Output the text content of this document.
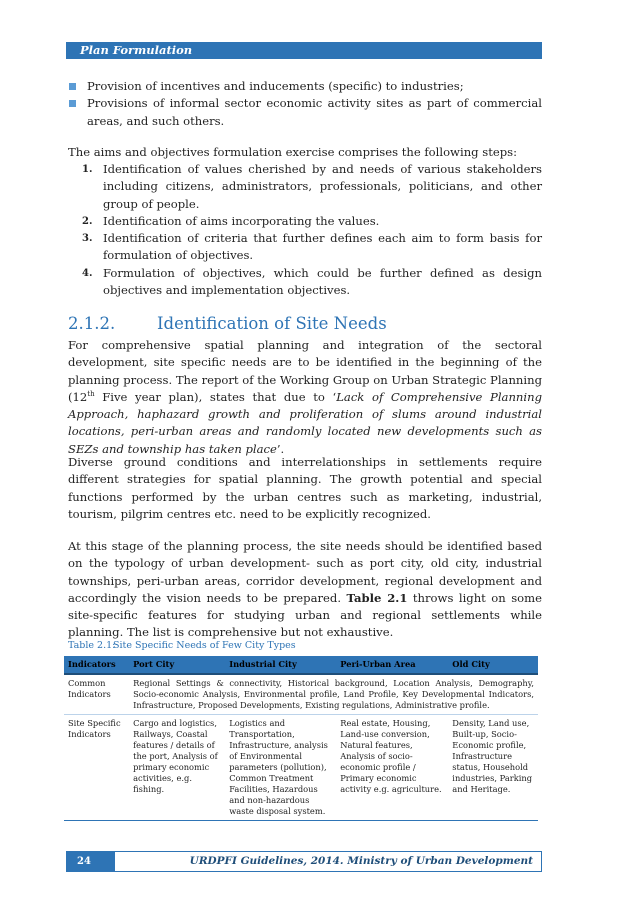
Plan Formulation
Provision of incentives and inducements (specific) to industries;
Provisions of informal sector economic activity sites as part of commercial areas, and such others.
The aims and objectives formulation exercise comprises the following steps:
1. Identification of values cherished by and needs of various stakeholders including citizens, administrators, professionals, politicians, and other group of people.
2. Identification of aims incorporating the values.
3. Identification of criteria that further defines each aim to form basis for formulation of objectives.
4. Formulation of objectives, which could be further defined as design objectives and implementation objectives.
2.1.2.	Identification of Site Needs
For comprehensive spatial planning and integration of the sectoral development, site specific needs are to be identified in the beginning of the planning process. The report of the Working Group on Urban Strategic Planning (12th Five year plan), states that due to ‘Lack of Comprehensive Planning Approach, haphazard growth and proliferation of slums around industrial locations, peri-urban areas and randomly located new developments such as SEZs and township has taken place’.
Diverse ground conditions and interrelationships in settlements require different strategies for spatial planning. The growth potential and special functions performed by the urban centres such as marketing, industrial, tourism, pilgrim centres etc. need to be explicitly recognized.
At this stage of the planning process, the site needs should be identified based on the typology of urban development- such as port city, old city, industrial townships, peri-urban areas, corridor development, regional development and accordingly the vision needs to be prepared. Table 2.1 throws light on some site-specific features for studying urban and regional settlements while planning. The list is comprehensive but not exhaustive.
Table 2.1:Site Specific Needs of Few City Types
Indicators	Port City	Industrial City	Peri-Urban Area	Old City
Common Indicators	Regional Settings & connectivity, Historical background, Location Analysis, Demography, Socio-economic Analysis, Environmental profile, Land Profile, Key Developmental Indicators, Infrastructure, Proposed Developments, Existing regulations, Administrative profile.			
Site Specific Indicators	Cargo and logistics, Railways, Coastal features / details of the port, Analysis of primary economic activities, e.g. fishing.	Logistics and Transportation, Infrastructure, analysis of Environmental parameters (pollution), Common Treatment Facilities, Hazardous and non-hazardous waste disposal system.	Real estate, Housing, Land-use conversion, Natural features, Analysis of socio-economic profile / Primary economic activity e.g. agriculture.	Density, Land use, Built-up, Socio-Economic profile, Infrastructure status, Household industries, Parking and Heritage.
24	URDPFI Guidelines, 2014. Ministry of Urban Development
